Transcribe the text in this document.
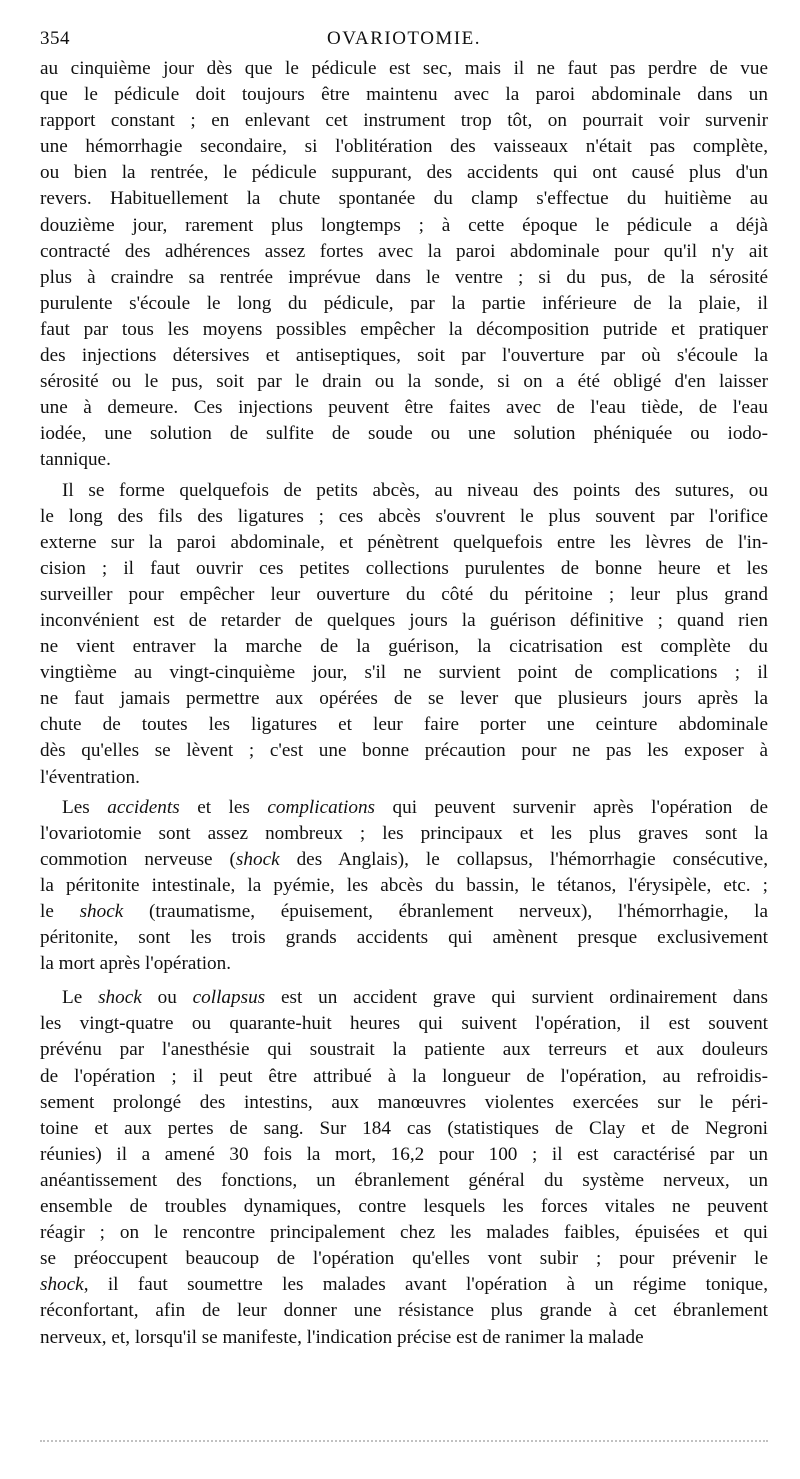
354	OVARIOTOMIE.
au cinquième jour dès que le pédicule est sec, mais il ne faut pas perdre de vue
que le pédicule doit toujours être maintenu avec la paroi abdominale dans un
rapport constant ; en enlevant cet instrument trop tôt, on pourrait voir survenir
une hémorrhagie secondaire, si l'oblitération des vaisseaux n'était pas complète,
ou bien la rentrée, le pédicule suppurant, des accidents qui ont causé plus d'un
revers. Habituellement la chute spontanée du clamp s'effectue du huitième au
douzième jour, rarement plus longtemps ; à cette époque le pédicule a déjà
contracté des adhérences assez fortes avec la paroi abdominale pour qu'il n'y ait
plus à craindre sa rentrée imprévue dans le ventre ; si du pus, de la sérosité
purulente s'écoule le long du pédicule, par la partie inférieure de la plaie, il
faut par tous les moyens possibles empêcher la décomposition putride et pratiquer
des injections détersives et antiseptiques, soit par l'ouverture par où s'écoule la
sérosité ou le pus, soit par le drain ou la sonde, si on a été obligé d'en laisser
une à demeure. Ces injections peuvent être faites avec de l'eau tiède, de l'eau
iodée, une solution de sulfite de soude ou une solution phéniquée ou iodo-
tannique.
Il se forme quelquefois de petits abcès, au niveau des points des sutures, ou
le long des fils des ligatures ; ces abcès s'ouvrent le plus souvent par l'orifice
externe sur la paroi abdominale, et pénètrent quelquefois entre les lèvres de l'in-
cision ; il faut ouvrir ces petites collections purulentes de bonne heure et les
surveiller pour empêcher leur ouverture du côté du péritoine ; leur plus grand
inconvénient est de retarder de quelques jours la guérison définitive ; quand rien
ne vient entraver la marche de la guérison, la cicatrisation est complète du
vingtième au vingt-cinquième jour, s'il ne survient point de complications ; il
ne faut jamais permettre aux opérées de se lever que plusieurs jours après la
chute de toutes les ligatures et leur faire porter une ceinture abdominale
dès qu'elles se lèvent ; c'est une bonne précaution pour ne pas les exposer à
l'éventration.
Les accidents et les complications qui peuvent survenir après l'opération de
l'ovariotomie sont assez nombreux ; les principaux et les plus graves sont la
commotion nerveuse (shock des Anglais), le collapsus, l'hémorrhagie consécutive,
la péritonite intestinale, la pyémie, les abcès du bassin, le tétanos, l'érysipèle, etc. ;
le shock (traumatisme, épuisement, ébranlement nerveux), l'hémorrhagie, la
péritonite, sont les trois grands accidents qui amènent presque exclusivement
la mort après l'opération.
Le shock ou collapsus est un accident grave qui survient ordinairement dans
les vingt-quatre ou quarante-huit heures qui suivent l'opération, il est souvent
prévénu par l'anesthésie qui soustrait la patiente aux terreurs et aux douleurs
de l'opération ; il peut être attribué à la longueur de l'opération, au refroidis-
sement prolongé des intestins, aux manœuvres violentes exercées sur le péri-
toine et aux pertes de sang. Sur 184 cas (statistiques de Clay et de Negroni
réunies) il a amené 30 fois la mort, 16,2 pour 100 ; il est caractérisé par un
anéantissement des fonctions, un ébranlement général du système nerveux, un
ensemble de troubles dynamiques, contre lesquels les forces vitales ne peuvent
réagir ; on le rencontre principalement chez les malades faibles, épuisées et qui
se préoccupent beaucoup de l'opération qu'elles vont subir ; pour prévenir le
shock, il faut soumettre les malades avant l'opération à un régime tonique,
réconfortant, afin de leur donner une résistance plus grande à cet ébranlement
nerveux, et, lorsqu'il se manifeste, l'indication précise est de ranimer la malade
